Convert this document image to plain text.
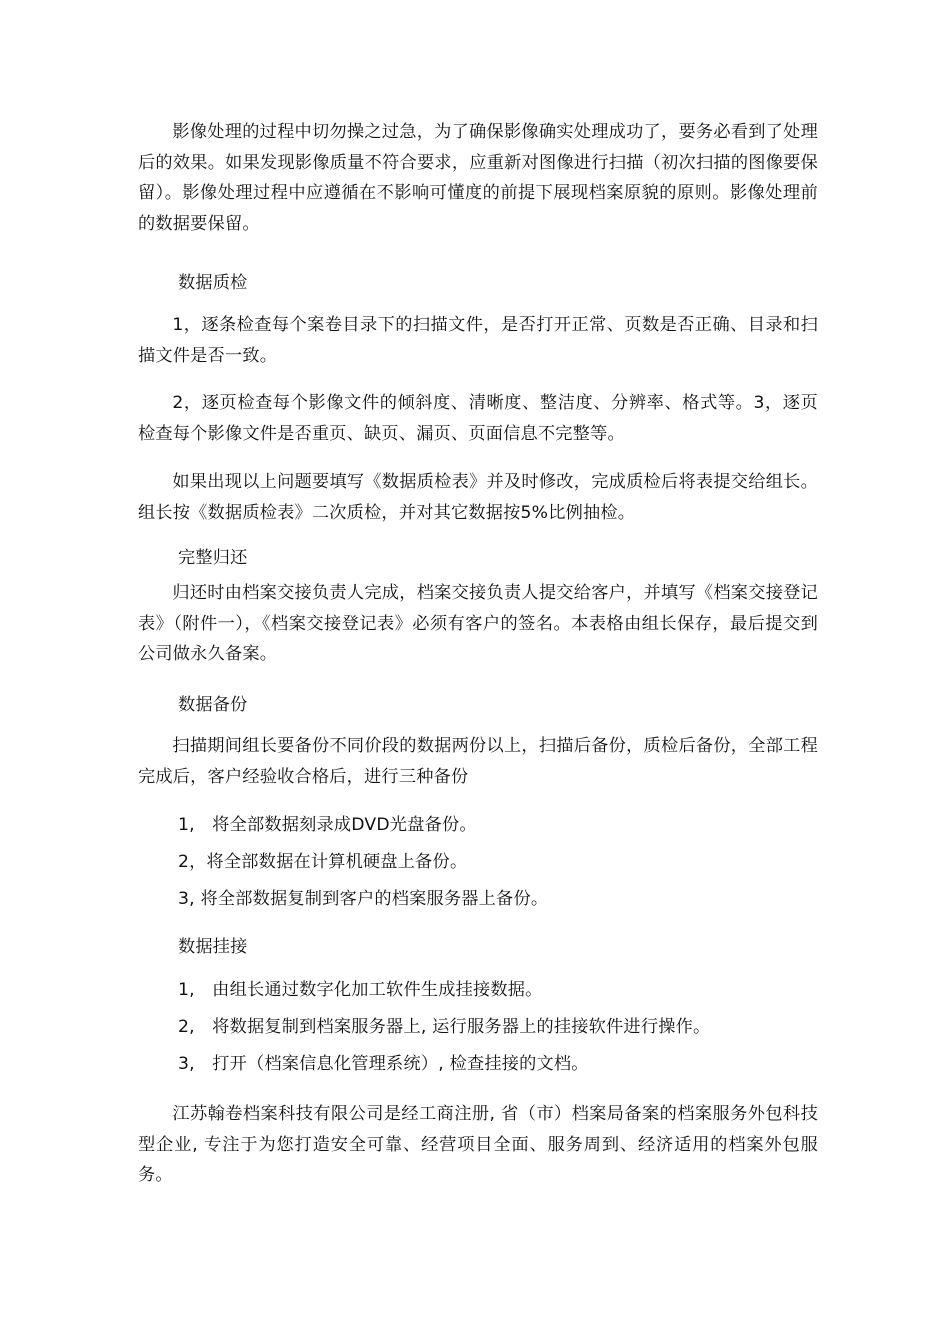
影像处理的过程中切勿操之过急，为了确保影像确实处理成功了，要务必看到了处理后的效果。如果发现影像质量不符合要求，应重新对图像进行扫描（初次扫描的图像要保留）。影像处理过程中应遵循在不影响可懂度的前提下展现档案原貌的原则。影像处理前的数据要保留。

数据质检

1，逐条检查每个案卷目录下的扫描文件，是否打开正常、页数是否正确、目录和扫描文件是否一致。

2，逐页检查每个影像文件的倾斜度、清晰度、整洁度、分辨率、格式等。3，逐页检查每个影像文件是否重页、缺页、漏页、页面信息不完整等。

如果出现以上问题要填写《数据质检表》并及时修改，完成质检后将表提交给组长。组长按《数据质检表》二次质检，并对其它数据按5%比例抽检。

完整归还

归还时由档案交接负责人完成，档案交接负责人提交给客户，并填写《档案交接登记表》（附件一），《档案交接登记表》必须有客户的签名。本表格由组长保存，最后提交到公司做永久备案。

数据备份

扫描期间组长要备份不同价段的数据两份以上，扫描后备份，质检后备份，全部工程完成后，客户经验收合格后，进行三种备份

1,　将全部数据刻录成DVD光盘备份。

2，将全部数据在计算机硬盘上备份。

3, 将全部数据复制到客户的档案服务器上备份。

数据挂接

1,　由组长通过数字化加工软件生成挂接数据。

2,　将数据复制到档案服务器上, 运行服务器上的挂接软件进行操作。

3,　打开（档案信息化管理系统）, 检查挂接的文档。

江苏翰卷档案科技有限公司是经工商注册, 省（市）档案局备案的档案服务外包科技型企业, 专注于为您打造安全可靠、经营项目全面、服务周到、经济适用的档案外包服务。
